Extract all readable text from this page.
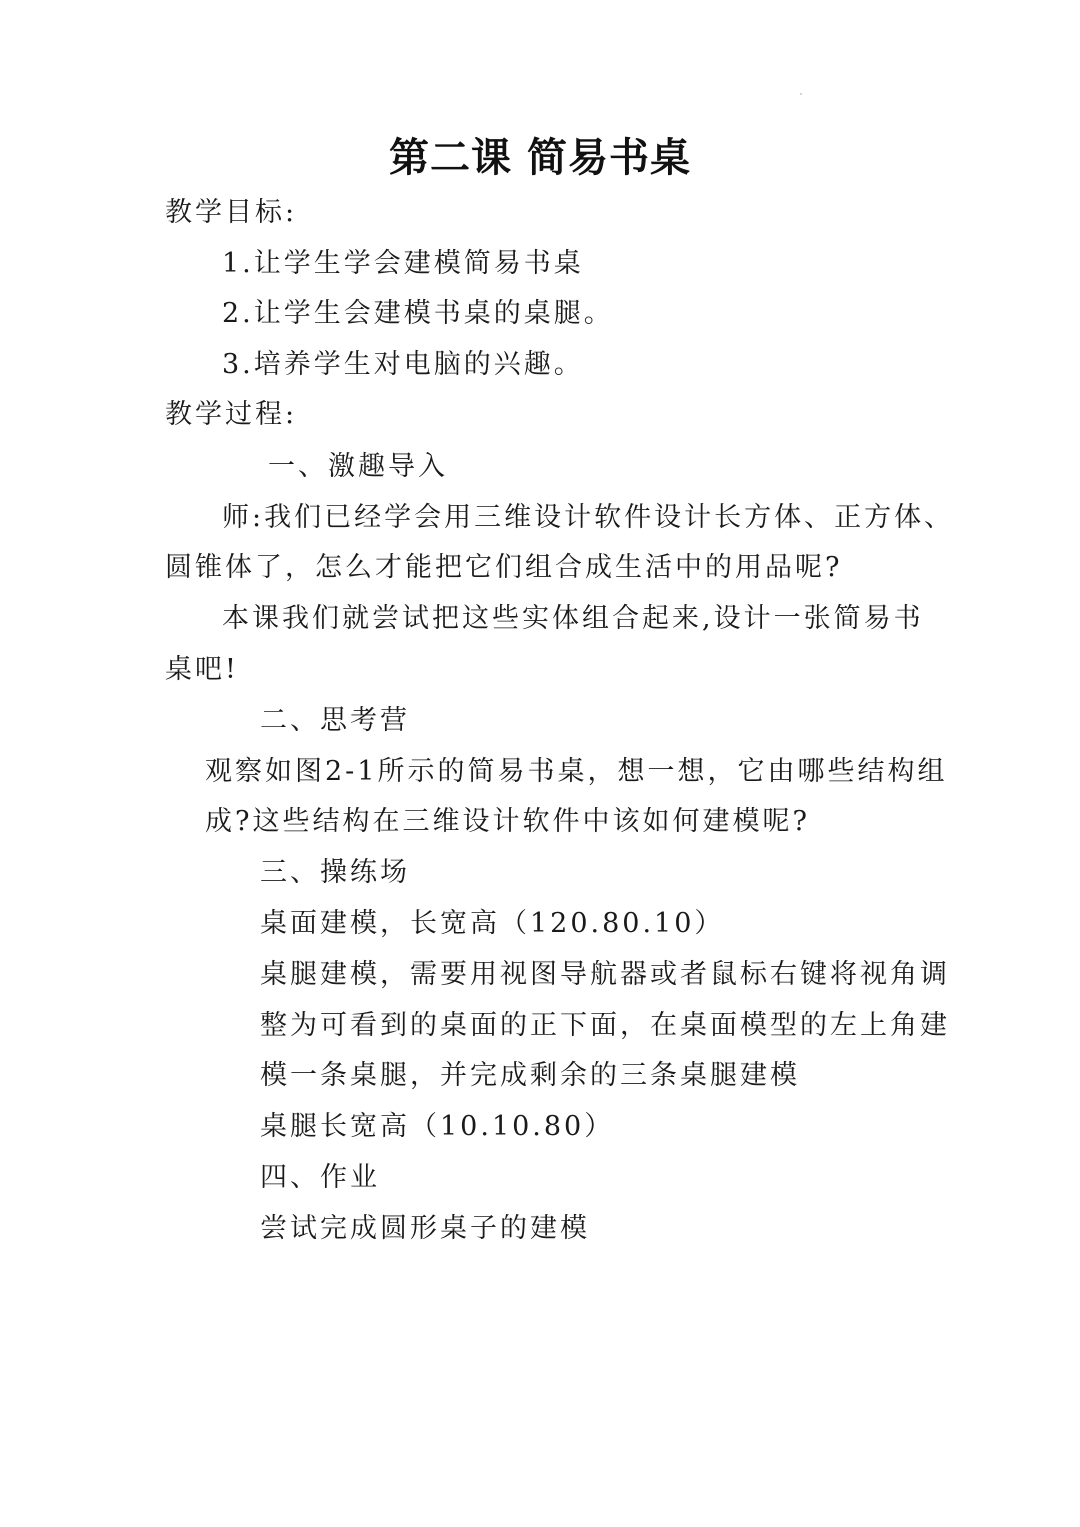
第二课 简易书桌
教学目标:
1.让学生学会建模简易书桌
2.让学生会建模书桌的桌腿。
3.培养学生对电脑的兴趣。
教学过程:
一、激趣导入
师:我们已经学会用三维设计软件设计长方体、正方体、
圆锥体了，怎么才能把它们组合成生活中的用品呢?
本课我们就尝试把这些实体组合起来,设计一张简易书
桌吧!
二、思考营
观察如图2-1所示的简易书桌，想一想，它由哪些结构组
成?这些结构在三维设计软件中该如何建模呢?
三、操练场
桌面建模，长宽高（120.80.10）
桌腿建模，需要用视图导航器或者鼠标右键将视角调
整为可看到的桌面的正下面，在桌面模型的左上角建
模一条桌腿，并完成剩余的三条桌腿建模
桌腿长宽高（10.10.80）
四、作业
尝试完成圆形桌子的建模
